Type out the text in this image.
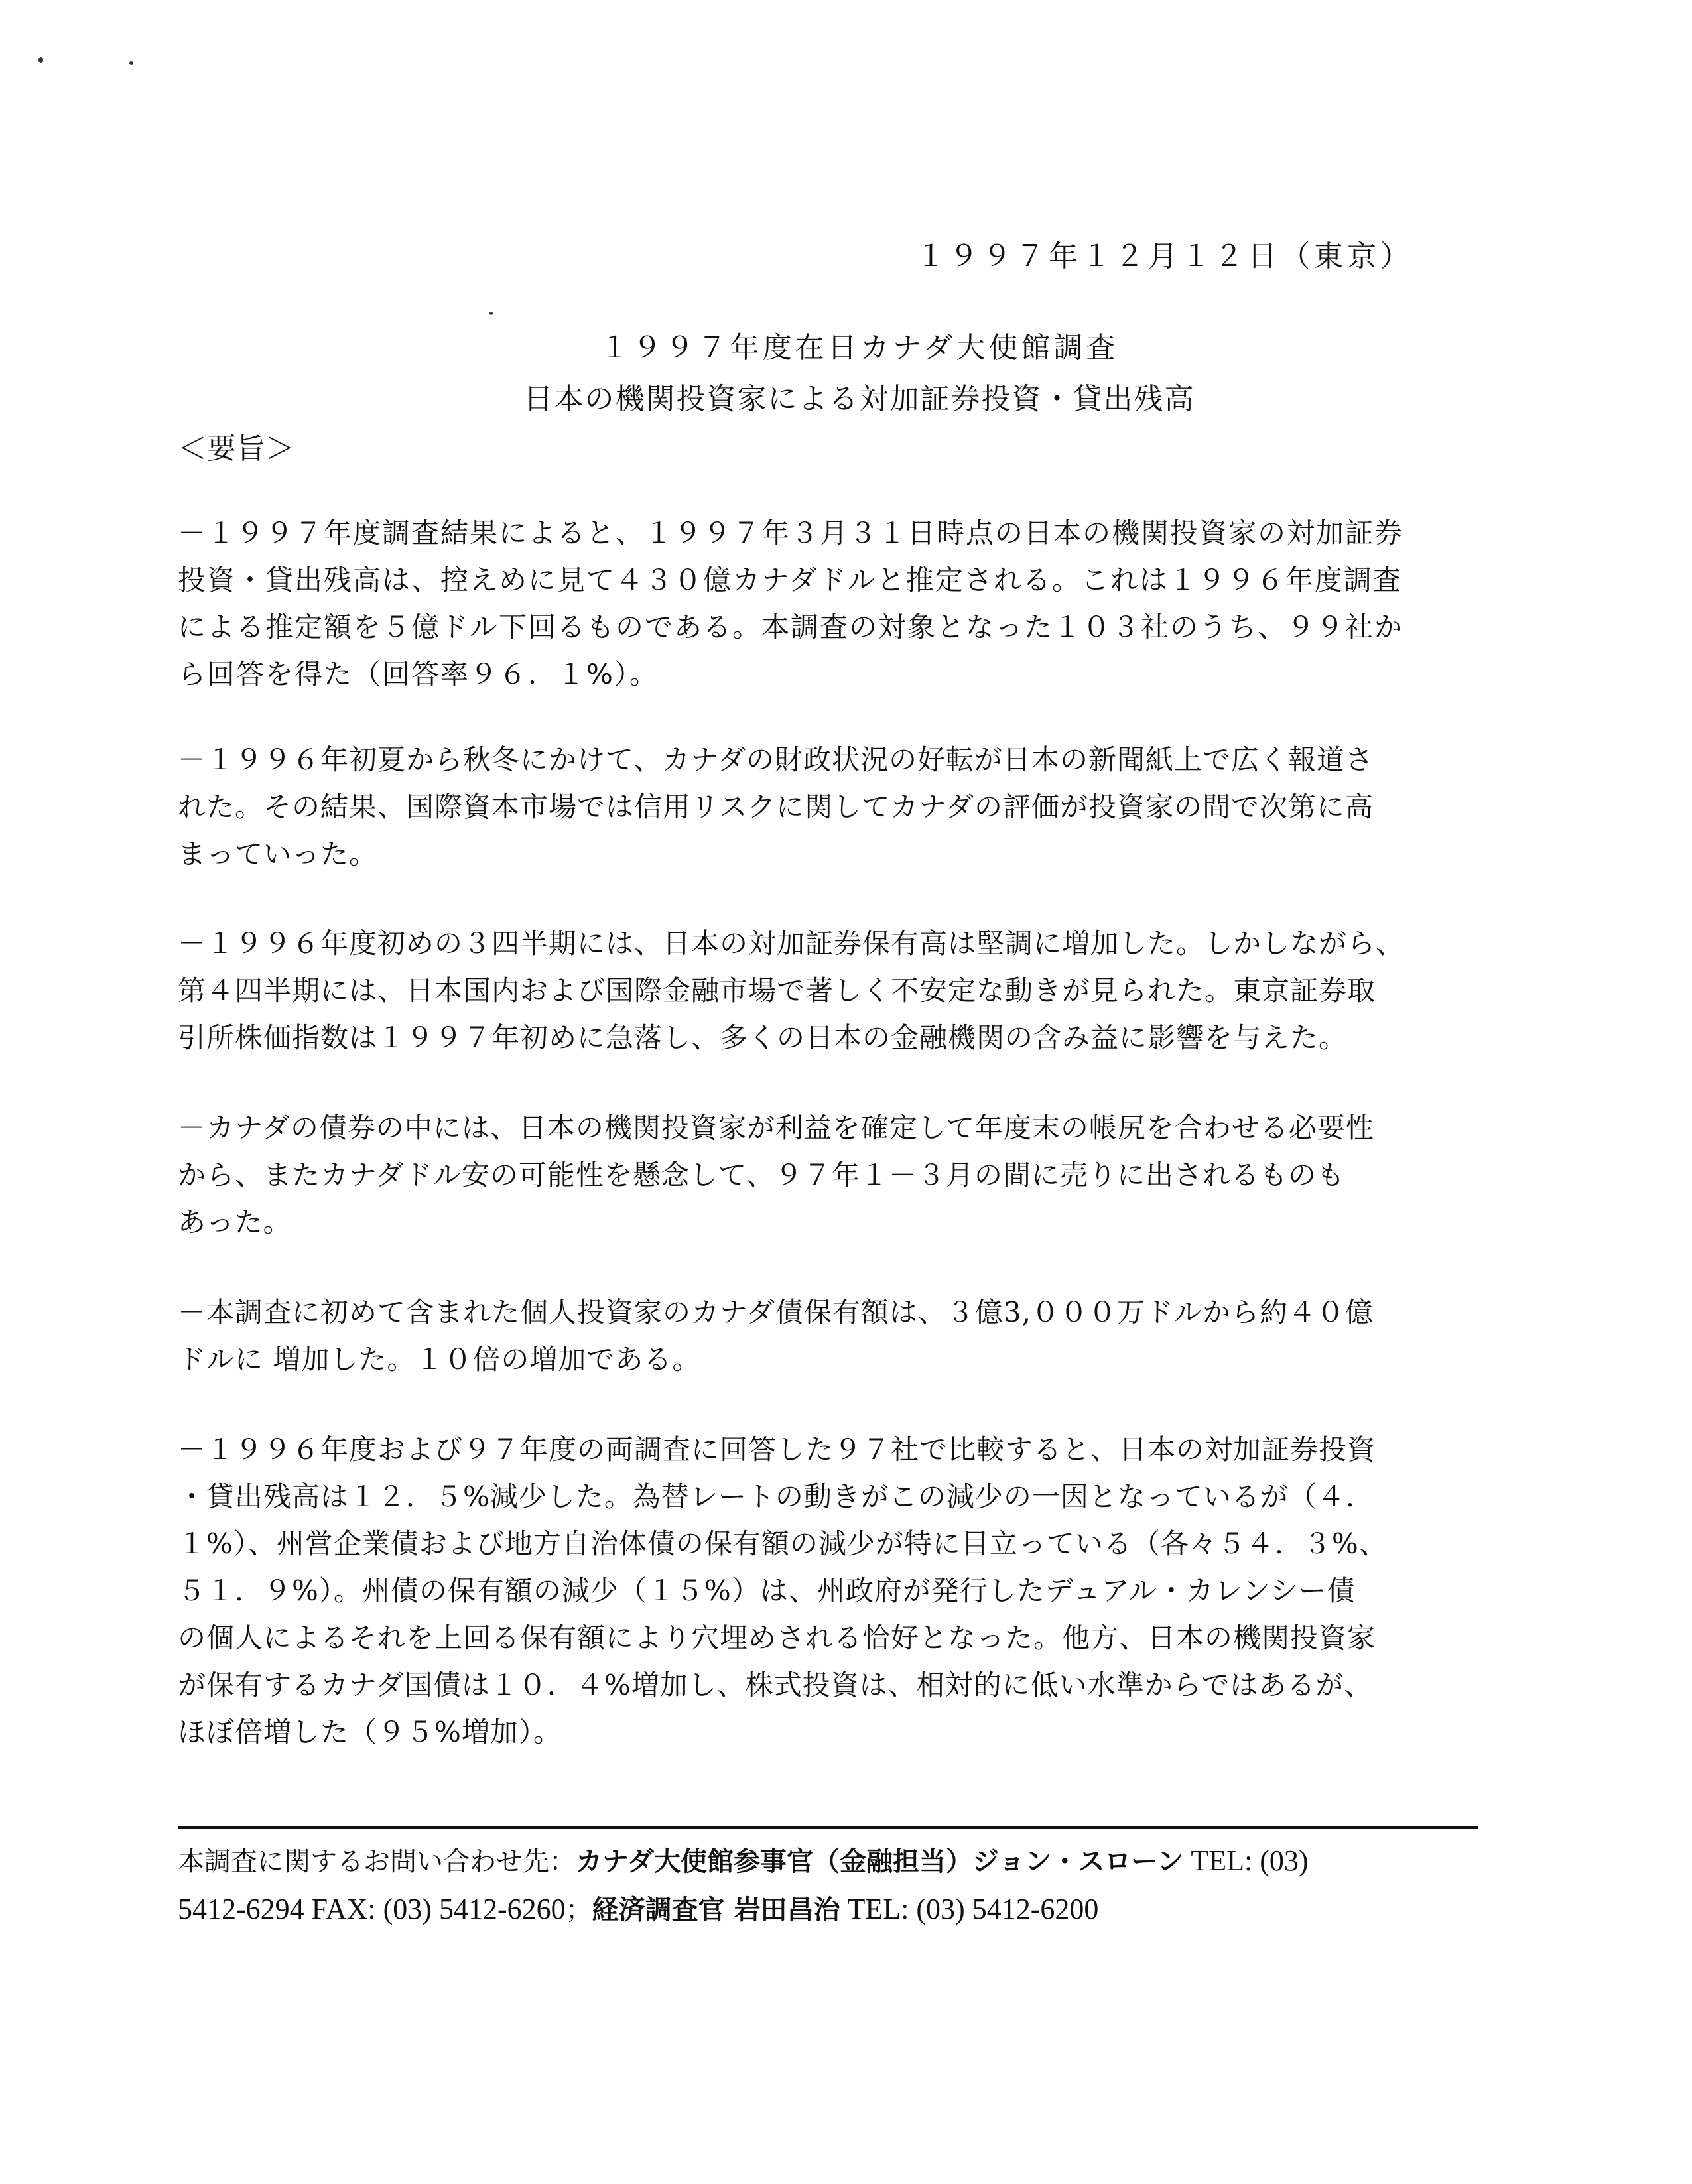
１９９７年１２月１２日（東京）
１９９７年度在日カナダ大使館調査
日本の機関投資家による対加証券投資・貸出残高
＜要旨＞
－１９９７年度調査結果によると、１９９７年３月３１日時点の日本の機関投資家の対加証券
投資・貸出残高は、控えめに見て４３０億カナダドルと推定される。これは１９９６年度調査
による推定額を５億ドル下回るものである。本調査の対象となった１０３社のうち、９９社か
ら回答を得た（回答率９６．１%）。
－１９９６年初夏から秋冬にかけて、カナダの財政状況の好転が日本の新聞紙上で広く報道さ
れた。その結果、国際資本市場では信用リスクに関してカナダの評価が投資家の間で次第に高
まっていった。
－１９９６年度初めの３四半期には、日本の対加証券保有高は堅調に増加した。しかしながら、
第４四半期には、日本国内および国際金融市場で著しく不安定な動きが見られた。東京証券取
引所株価指数は１９９７年初めに急落し、多くの日本の金融機関の含み益に影響を与えた。
－カナダの債券の中には、日本の機関投資家が利益を確定して年度末の帳尻を合わせる必要性
から、またカナダドル安の可能性を懸念して、９７年１－３月の間に売りに出されるものも
あった。
－本調査に初めて含まれた個人投資家のカナダ債保有額は、３億3,０００万ドルから約４０億
ドルに 増加した。１０倍の増加である。
－１９９６年度および９７年度の両調査に回答した９７社で比較すると、日本の対加証券投資
・貸出残高は１２．５%減少した。為替レートの動きがこの減少の一因となっているが（４．
１%）、州営企業債および地方自治体債の保有額の減少が特に目立っている（各々５４．３%、
５１．９%）。州債の保有額の減少（１５%）は、州政府が発行したデュアル・カレンシー債
の個人によるそれを上回る保有額により穴埋めされる恰好となった。他方、日本の機関投資家
が保有するカナダ国債は１０．４%増加し、株式投資は、相対的に低い水準からではあるが、
ほぼ倍増した（９５%増加）。
本調査に関するお問い合わせ先：カナダ大使館参事官（金融担当）ジョン・スローン TEL: (03)
5412-6294 FAX: (03) 5412-6260；経済調査官 岩田昌治 TEL: (03) 5412-6200
